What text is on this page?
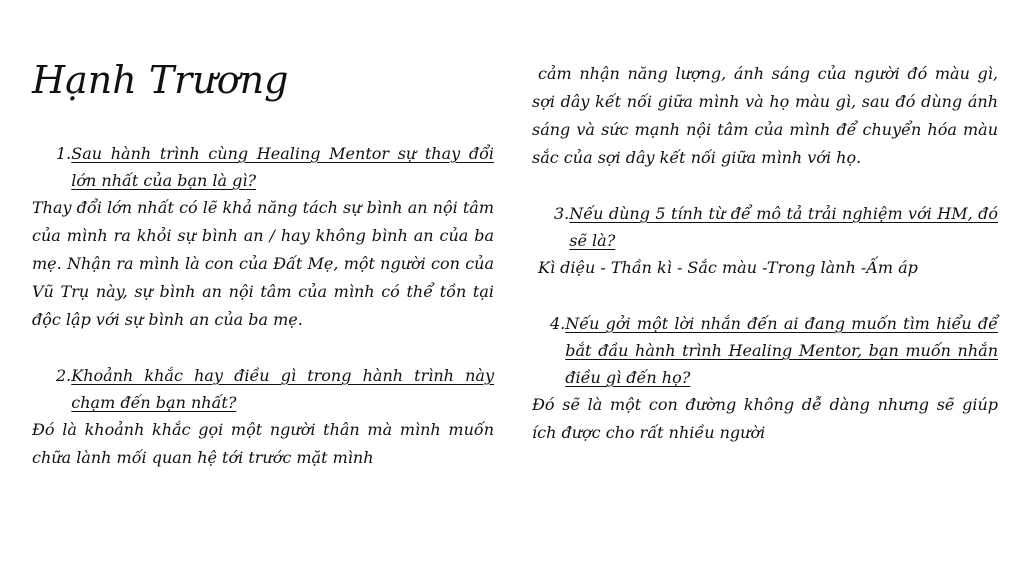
Hạnh Trương
1. Sau hành trình cùng Healing Mentor sự thay đổi lớn nhất của bạn là gì?

Thay đổi lớn nhất có lẽ khả năng tách sự bình an nội tâm của mình ra khỏi sự bình an / hay không bình an của ba mẹ. Nhận ra mình là con của Đất Mẹ, một người con của Vũ Trụ này, sự bình an nội tâm của mình có thể tồn tại độc lập với sự bình an của ba mẹ.

2. Khoảnh khắc hay điều gì trong hành trình này chạm đến bạn nhất?

Đó là khoảnh khắc gọi một người thân mà mình muốn chữa lành mối quan hệ tới trước mặt mình

cảm nhận năng lượng, ánh sáng của người đó màu gì, sợi dây kết nối giữa mình và họ màu gì, sau đó dùng ánh sáng và sức mạnh nội tâm của mình để chuyển hóa màu sắc của sợi dây kết nối giữa mình với họ.

3. Nếu dùng 5 tính từ để mô tả trải nghiệm với HM, đó sẽ là?

Kì diệu - Thần kì - Sắc màu -Trong lành -Ấm áp

4. Nếu gởi một lời nhắn đến ai đang muốn tìm hiểu để bắt đầu hành trình Healing Mentor, bạn muốn nhắn điều gì đến họ?

Đó sẽ là một con đường không dễ dàng nhưng sẽ giúp ích được cho rất nhiều người
